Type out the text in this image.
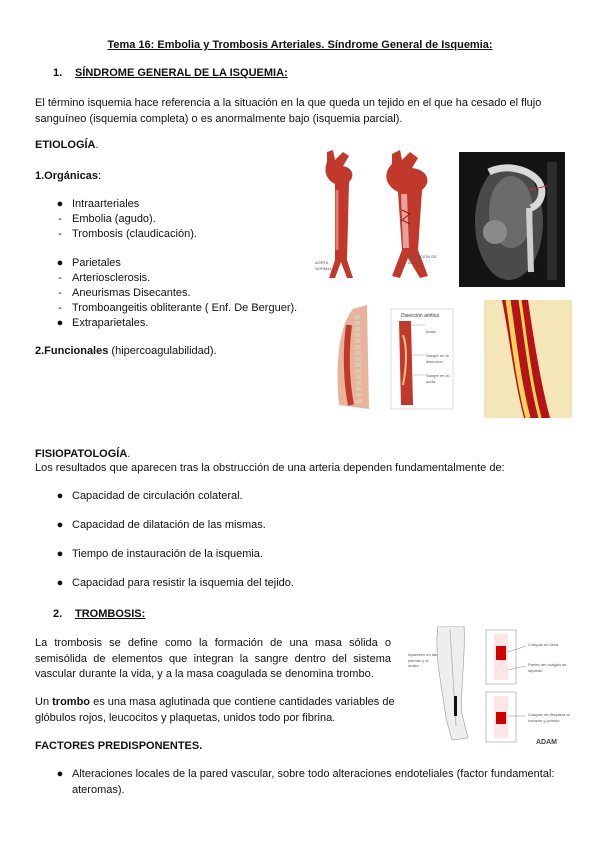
Tema 16: Embolia y Trombosis Arteriales. Síndrome General de Isquemia:
1. SÍNDROME GENERAL DE LA ISQUEMIA:
El término isquemia hace referencia a la situación en la que queda un tejido en el que ha cesado el flujo sanguíneo (isquemia completa) o es anormalmente bajo (isquemia parcial).
ETIOLOGÍA.
1.Orgánicas:
● Intraarteriales
- Embolia (agudo).
- Trombosis (claudicación).
● Parietales
- Arteriosclerosis.
- Aneurismas Disecantes.
- Tromboangeitis obliterante ( Enf. De Berguer).
● Extraparietales.
2.Funcionales (hipercoagulabilidad).
AORTA NORMAL
DISECCIÓN DE AORTA
Disección aórtica
Aorta
Sangre en la disección
Sangre en la aorta
FISIOPATOLOGÍA.
Los resultados que aparecen tras la obstrucción de una arteria dependen fundamentalmente de:
● Capacidad de circulación colateral.
● Capacidad de dilatación de las mismas.
● Tiempo de instauración de la isquemia.
● Capacidad para resistir la isquemia del tejido.
2. TROMBOSIS:
La trombosis se define como la formación de una masa sólida o semisólida de elementos que integran la sangre dentro del sistema vascular durante la vida, y a la masa coagulada se denomina trombo.
Un trombo es una masa aglutinada que contiene cantidades variables de glóbulos rojos, leucocitos y plaquetas, unidos todo por fibrina.
FACTORES PREDISPONENTES.
● Alteraciones locales de la pared vascular, sobre todo alteraciones endoteliales (factor fundamental: ateromas).
Aparecen en las piernas y el muslo
Coágulo en vena
Partes del coágulo se separan
Coágulo se desplaza al corazón y pulmón
ADAM
